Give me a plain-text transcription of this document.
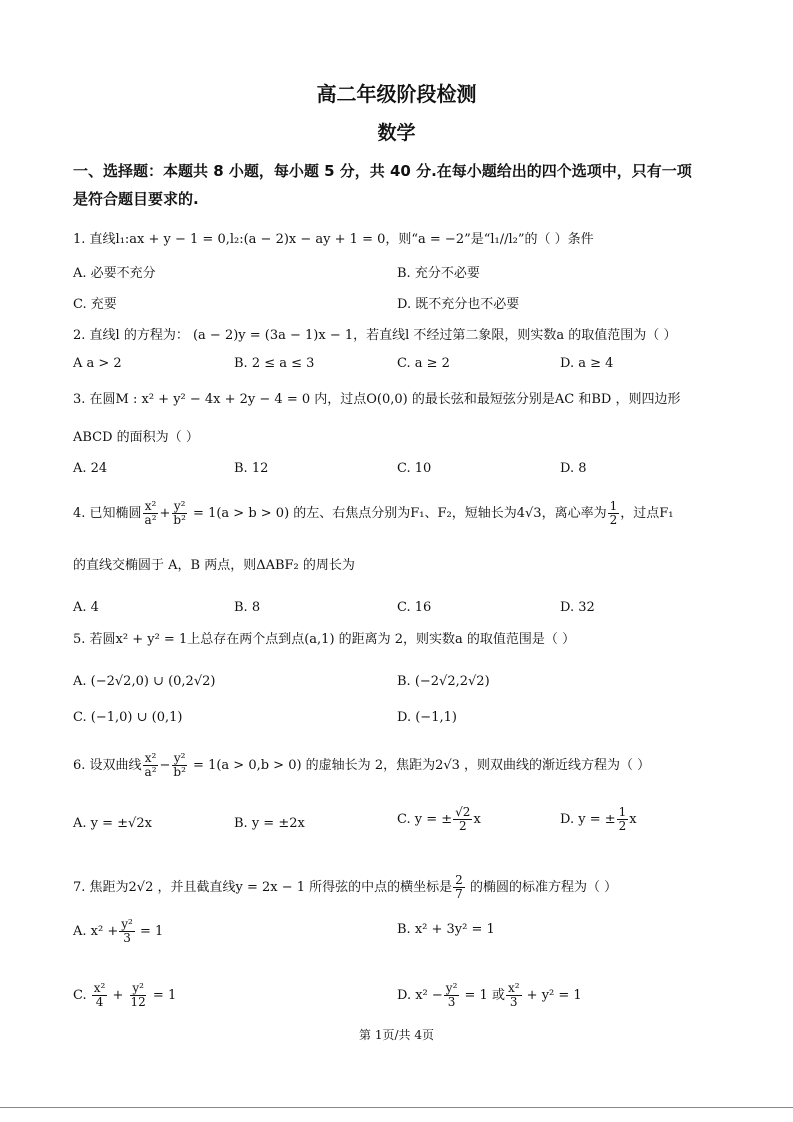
高二年级阶段检测
数学
一、选择题：本题共 8 小题，每小题 5 分，共 40 分.在每小题给出的四个选项中，只有一项
是符合题目要求的.
1. 直线l₁:ax + y − 1 = 0,l₂:(a − 2)x − ay + 1 = 0，则“a = −2”是“l₁//l₂”的（ ）条件
A. 必要不充分	B. 充分不必要
C. 充要	D. 既不充分也不必要
2. 直线l 的方程为： (a − 2)y = (3a − 1)x − 1，若直线l 不经过第二象限，则实数a 的取值范围为（ ）
A a > 2	B. 2 ≤ a ≤ 3	C. a ≥ 2	D. a ≥ 4
3. 在圆M : x² + y² − 4x + 2y − 4 = 0 内，过点O(0,0) 的最长弦和最短弦分别是AC 和BD ，则四边形
ABCD 的面积为（ ）
A. 24	B. 12	C. 10	D. 8
4. 已知椭圆 $\frac{\text{x²}}{\text{a²}} + \frac{\text{y²}}{\text{b²}} = 1(a > b > 0)$ 的左、右焦点分别为F₁、F₂，短轴长为4√3，离心率为 $\frac{1}{2}$ ，过点F₁
的直线交椭圆于 A，B 两点，则ΔABF₂ 的周长为
A. 4	B. 8	C. 16	D. 32
5. 若圆x² + y² = 1上总存在两个点到点(a,1) 的距离为 2，则实数a 的取值范围是（ ）
A. (−2√2,0) ∪ (0,2√2)	B. (−2√2,2√2)
C. (−1,0) ∪ (0,1)	D. (−1,1)
6. 设双曲线 $\frac{\text{x²}}{\text{a²}} - \frac{\text{y²}}{\text{b²}} = 1(a > 0,b > 0)$ 的虚轴长为 2，焦距为2√3 ，则双曲线的渐近线方程为（ ）
A. y = ±√2x	B. y = ±2x	C. y = ± $\frac{√2}{2}$ x	D. y = ± $\frac{1}{2}$ x
7. 焦距为2√2 ，并且截直线y = 2x − 1 所得弦的中点的横坐标是 $\frac{2}{7}$ 的椭圆的标准方程为（ ）
A. $x^2 + \frac{\text{y²}}{3} = 1$	B. x² + 3y² = 1
C. $\frac{\text{x²}}{4} + \frac{\text{y²}}{12} = 1$	D. $x^2 - \frac{\text{y²}}{3} = 1$ 或 $\frac{\text{x²}}{3} + y^2 = 1$
第 1页/共 4页
